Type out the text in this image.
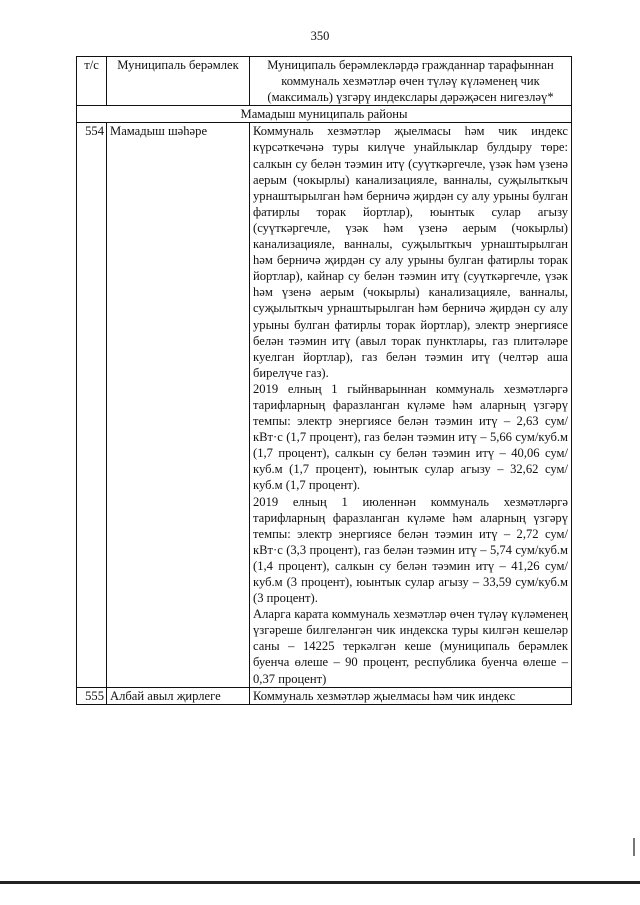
350
т/с	Муниципаль берәмлек	Муниципаль берәмлекләрдә гражданнар тарафыннан коммуналь хезмәтләр өчен түләү күләменең чик (максималь) үзгәрү индекслары дәрәҗәсен нигезләү*
Мамадыш муниципаль районы		
554	Мамадыш шәһәре	Коммуналь хезмәтләр җыелмасы һәм чик индекс күрсәткечәнә туры килүче унайлыклар булдыру төре: салкын су белән тәэмин итү (суүткәргечле, үзәк һәм үзенә аерым (чокырлы) канализацияле, ванналы, суҗылыткыч урнаштырылган һәм берничә җирдән су алу урыны булган фатирлы торак йортлар), юынтык сулар агызу (суүткәргечле, үзәк һәм үзенә аерым (чокырлы) канализацияле, ванналы, суҗылыткыч урнаштырылган һәм берничә җирдән су алу урыны булган фатирлы торак йортлар), кайнар су белән тәэмин итү (суүткәргечле, үзәк һәм үзенә аерым (чокырлы) канализацияле, ванналы, суҗылыткыч урнаштырылган һәм берничә җирдән су алу урыны булган фатирлы торак йортлар), электр энергиясе белән тәэмин итү (авыл торак пунктлары, газ плитәләре куелган йортлар), газ белән тәэмин итү (челтәр аша бирелүче газ).

2019 елның 1 гыйнварыннан коммуналь хезмәтләргә тарифларның фаразланган күләме һәм аларның үзгәрү темпы: электр энергиясе белән тәэмин итү – 2,63 сум/кВт·с (1,7 процент), газ белән тәэмин итү – 5,66 сум/куб.м (1,7 процент), салкын су белән тәэмин итү – 40,06 сум/куб.м (1,7 процент), юынтык сулар агызу – 32,62 сум/куб.м (1,7 процент).

2019 елның 1 июленнән коммуналь хезмәтләргә тарифларның фаразланган күләме һәм аларның үзгәрү темпы: электр энергиясе белән тәэмин итү – 2,72 сум/кВт·с (3,3 процент), газ белән тәэмин итү – 5,74 сум/куб.м (1,4 процент), салкын су белән тәэмин итү – 41,26 сум/куб.м (3 процент), юынтык сулар агызу – 33,59 сум/куб.м (3 процент).

Аларга карата коммуналь хезмәтләр өчен түләү күләменең үзгәреше билгеләнгән чик индекска туры килгән кешеләр саны – 14225 теркәлгән кеше (муниципаль берәмлек буенча өлеше – 90 процент, республика буенча өлеше – 0,37 процент)

555	Албай авыл җирлеге	Коммуналь хезмәтләр җыелмасы һәм чик индекс
